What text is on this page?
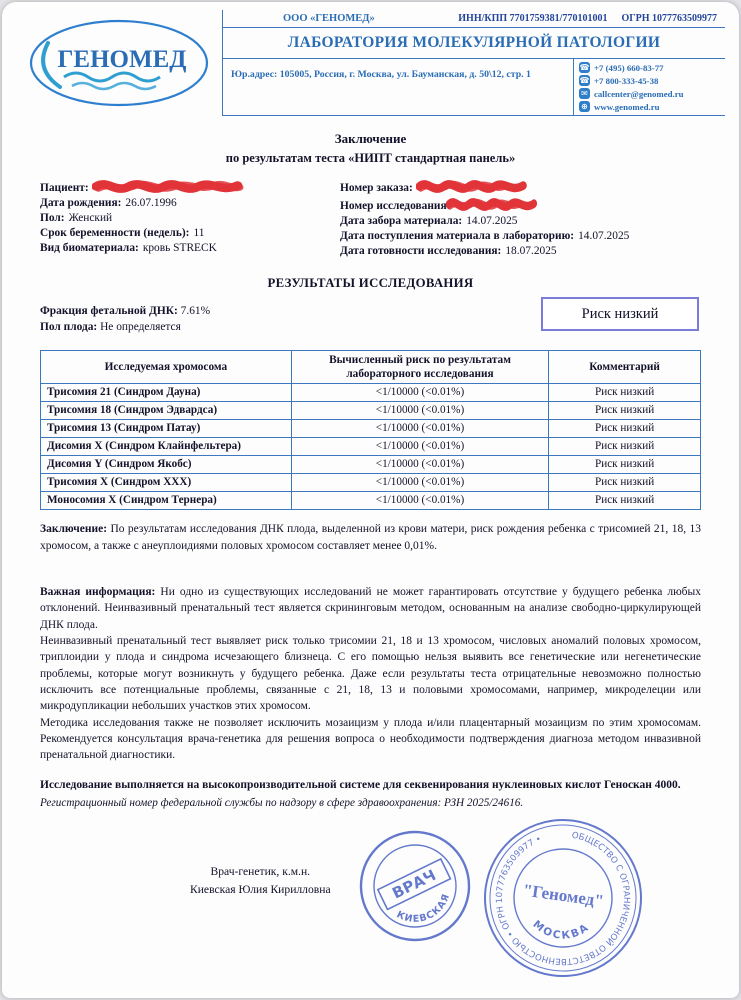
ГЕНОМЕД
ООО «ГЕНОМЕД»	ИНН/КПП 7701759381/770101001 ОГРН 1077763509977
ЛАБОРАТОРИЯ МОЛЕКУЛЯРНОЙ ПАТОЛОГИИ
Юр.адрес: 105005, Россия, г. Москва, ул. Бауманская, д. 50\12, стр. 1
☎ +7 (495) 660-83-77
☎ +7 800-333-45-38
✉ callcenter@genomed.ru
⊕ www.genomed.ru
Заключение
по результатам теста «НИПТ стандартная панель»
Пациент:
Дата рождения: 26.07.1996
Пол: Женский
Срок беременности (недель): 11
Вид биоматериала: кровь STRECK
Номер заказа:
Номер исследования:
Дата забора материала: 14.07.2025
Дата поступления материала в лабораторию: 14.07.2025
Дата готовности исследования: 18.07.2025
РЕЗУЛЬТАТЫ ИССЛЕДОВАНИЯ
Фракция фетальной ДНК: 7.61%
Пол плода: Не определяется
Риск низкий
Исследуемая хромосома	Вычисленный риск по результатам лабораторного исследования	Комментарий
Трисомия 21 (Синдром Дауна)	<1/10000 (<0.01%)	Риск низкий
Трисомия 18 (Синдром Эдвардса)	<1/10000 (<0.01%)	Риск низкий
Трисомия 13 (Синдром Патау)	<1/10000 (<0.01%)	Риск низкий
Дисомия X (Синдром Клайнфельтера)	<1/10000 (<0.01%)	Риск низкий
Дисомия Y (Синдром Якобс)	<1/10000 (<0.01%)	Риск низкий
Трисомия X (Синдром XXX)	<1/10000 (<0.01%)	Риск низкий
Моносомия X (Синдром Тернера)	<1/10000 (<0.01%)	Риск низкий

Заключение: По результатам исследования ДНК плода, выделенной из крови матери, риск рождения ребенка с трисомией 21, 18, 13 хромосом, а также с анеуплоидиями половых хромосом составляет менее 0,01%.

Важная информация: Ни одно из существующих исследований не может гарантировать отсутствие у будущего ребенка любых отклонений. Неинвазивный пренатальный тест является скрининговым методом, основанным на анализе свободно-циркулирующей ДНК плода.

Неинвазивный пренатальный тест выявляет риск только трисомии 21, 18 и 13 хромосом, числовых аномалий половых хромосом, триплоидии у плода и синдрома исчезающего близнеца. С его помощью нельзя выявить все генетические или негенетические проблемы, которые могут возникнуть у будущего ребенка. Даже если результаты теста отрицательные невозможно полностью исключить все потенциальные проблемы, связанные с 21, 18, 13 и половыми хромосомами, например, микроделеции или микродупликации небольших участков этих хромосом.

Методика исследования также не позволяет исключить мозаицизм у плода и/или плацентарный мозаицизм по этим хромосомам. Рекомендуется консультация врача-генетика для решения вопроса о необходимости подтверждения диагноза методом инвазивной пренатальной диагностики.

Исследование выполняется на высокопроизводительной системе для секвенирования нуклеиновых кислот Геноскан 4000.

Регистрационный номер федеральной службы по надзору в сфере здравоохранения: РЗН 2025/24616.

Врач-генетик, к.м.н.
Киевская Юлия Кирилловна	ВРАЧ
КИЕВСКАЯ
ОБЩЕСТВО С ОГРАНИЧЕННОЙ ОТВЕТСТВЕННОСТЬЮ • ОГРН 1077763509977 •
"Геномед"
МОСКВА
